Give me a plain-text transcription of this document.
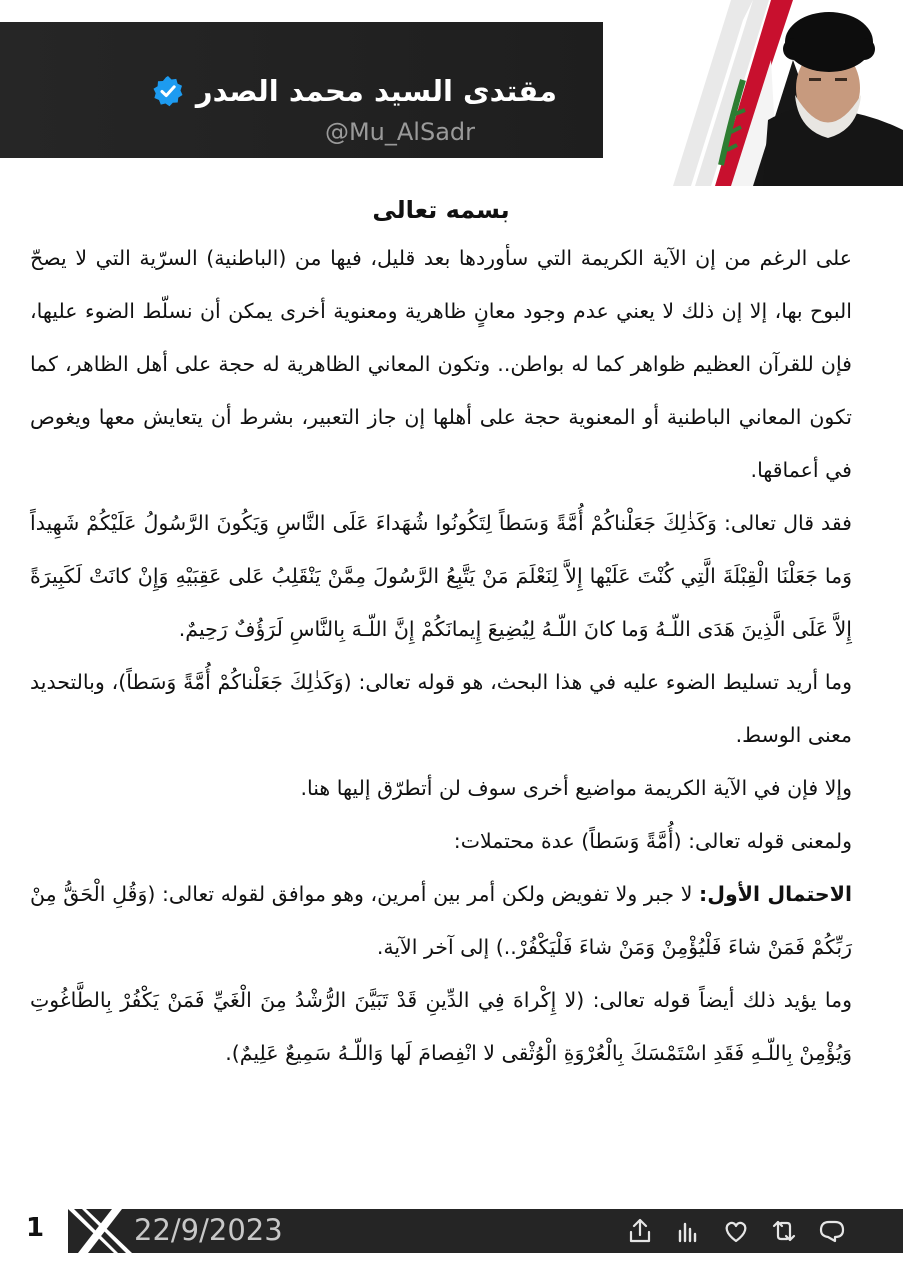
مقتدى السيد محمد الصدر
@Mu_AlSadr
بسمه تعالى

على الرغم من إن الآية الكريمة التي سأوردها بعد قليل، فيها من (الباطنية) السرّية التي لا يصحّ البوح بها، إلا إن ذلك لا يعني عدم وجود معانٍ ظاهرية ومعنوية أخرى يمكن أن نسلّط الضوء عليها، فإن للقرآن العظيم ظواهر كما له بواطن.. وتكون المعاني الظاهرية له حجة على أهل الظاهر، كما تكون المعاني الباطنية أو المعنوية حجة على أهلها إن جاز التعبير، بشرط أن يتعايش معها ويغوص في أعماقها.

فقد قال تعالى: وَكَذٰلِكَ جَعَلْناكُمْ أُمَّةً وَسَطاً لِتَكُونُوا شُهَداءَ عَلَى النَّاسِ وَيَكُونَ الرَّسُولُ عَلَيْكُمْ شَهِيداً وَما جَعَلْنَا الْقِبْلَةَ الَّتِي كُنْتَ عَلَيْها إِلاَّ لِنَعْلَمَ مَنْ يَتَّبِعُ الرَّسُولَ مِمَّنْ يَنْقَلِبُ عَلى عَقِبَيْهِ وَإِنْ كانَتْ لَكَبِيرَةً إِلاَّ عَلَى الَّذِينَ هَدَى اللّـهُ وَما كانَ اللّـهُ لِيُضِيعَ إِيمانَكُمْ إِنَّ اللّـهَ بِالنَّاسِ لَرَؤُفٌ رَحِيمٌ.

وما أريد تسليط الضوء عليه في هذا البحث، هو قوله تعالى: (وَكَذٰلِكَ جَعَلْناكُمْ أُمَّةً وَسَطاً)، وبالتحديد معنى الوسط.

وإلا فإن في الآية الكريمة مواضيع أخرى سوف لن أتطرّق إليها هنا.

ولمعنى قوله تعالى: (أُمَّةً وَسَطاً) عدة محتملات:

الاحتمال الأول: لا جبر ولا تفويض ولكن أمر بين أمرين، وهو موافق لقوله تعالى: (وَقُلِ الْحَقُّ مِنْ رَبِّكُمْ فَمَنْ شاءَ فَلْيُؤْمِنْ وَمَنْ شاءَ فَلْيَكْفُرْ..) إلى آخر الآية.

وما يؤيد ذلك أيضاً قوله تعالى: (لا إِكْراهَ فِي الدِّينِ قَدْ تَبَيَّنَ الرُّشْدُ مِنَ الْغَيِّ فَمَنْ يَكْفُرْ بِالطَّاغُوتِ وَيُؤْمِنْ بِاللّـهِ فَقَدِ اسْتَمْسَكَ بِالْعُرْوَةِ الْوُثْقى لا انْفِصامَ لَها وَاللّـهُ سَمِيعٌ عَلِيمٌ).

1	22/9/2023
